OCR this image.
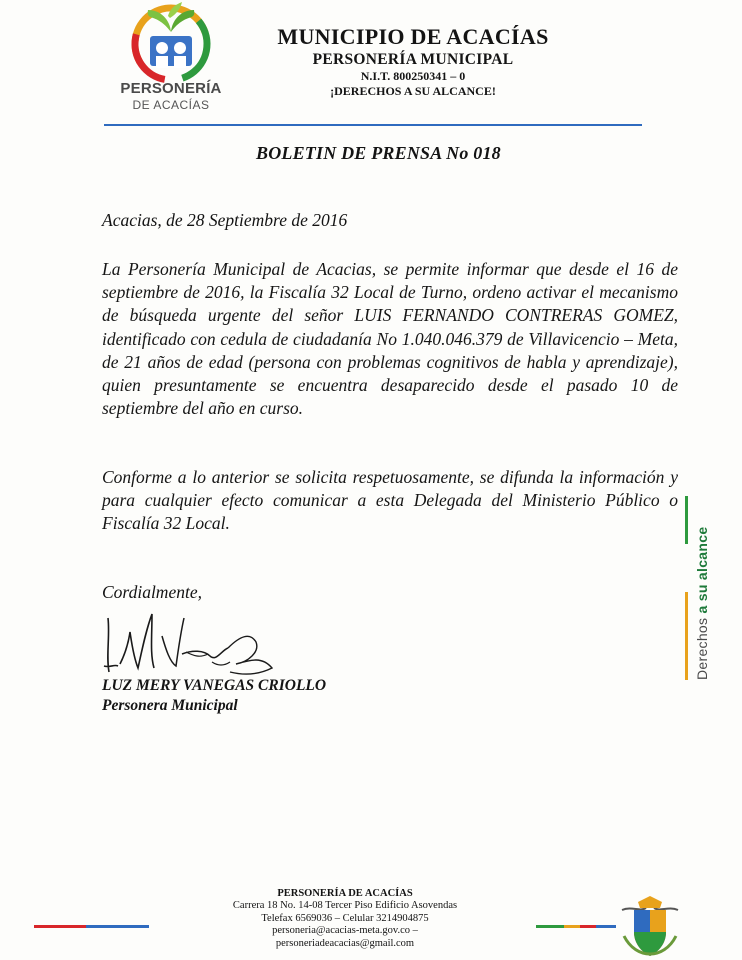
PERSONERÍA
DE ACACÍAS
MUNICIPIO DE ACACÍAS
PERSONERÍA MUNICIPAL
N.I.T. 800250341 – 0
¡DERECHOS A SU ALCANCE!
BOLETIN DE PRENSA No 018
Acacias, de 28 Septiembre de 2016
La Personería Municipal de Acacias, se permite informar que desde el 16 de septiembre de 2016, la Fiscalía 32 Local de Turno, ordeno activar el mecanismo de búsqueda urgente del señor LUIS FERNANDO CONTRERAS GOMEZ, identificado con cedula de ciudadanía No 1.040.046.379 de Villavicencio – Meta, de 21 años de edad (persona con problemas cognitivos de habla y aprendizaje), quien presuntamente se encuentra desaparecido desde el pasado 10 de septiembre del año en curso.
Conforme a lo anterior se solicita respetuosamente, se difunda la información y para cualquier efecto comunicar a esta Delegada del Ministerio Público o Fiscalía 32 Local.
Cordialmente,
LUZ MERY VANEGAS CRIOLLO
Personera Municipal
Derechos a su alcance
PERSONERÍA DE ACACÍAS
Carrera 18 No. 14-08 Tercer Piso Edificio Asovendas
Telefax 6569036 – Celular 3214904875
personeria@acacias-meta.gov.co –
personeriadeacacias@gmail.com
